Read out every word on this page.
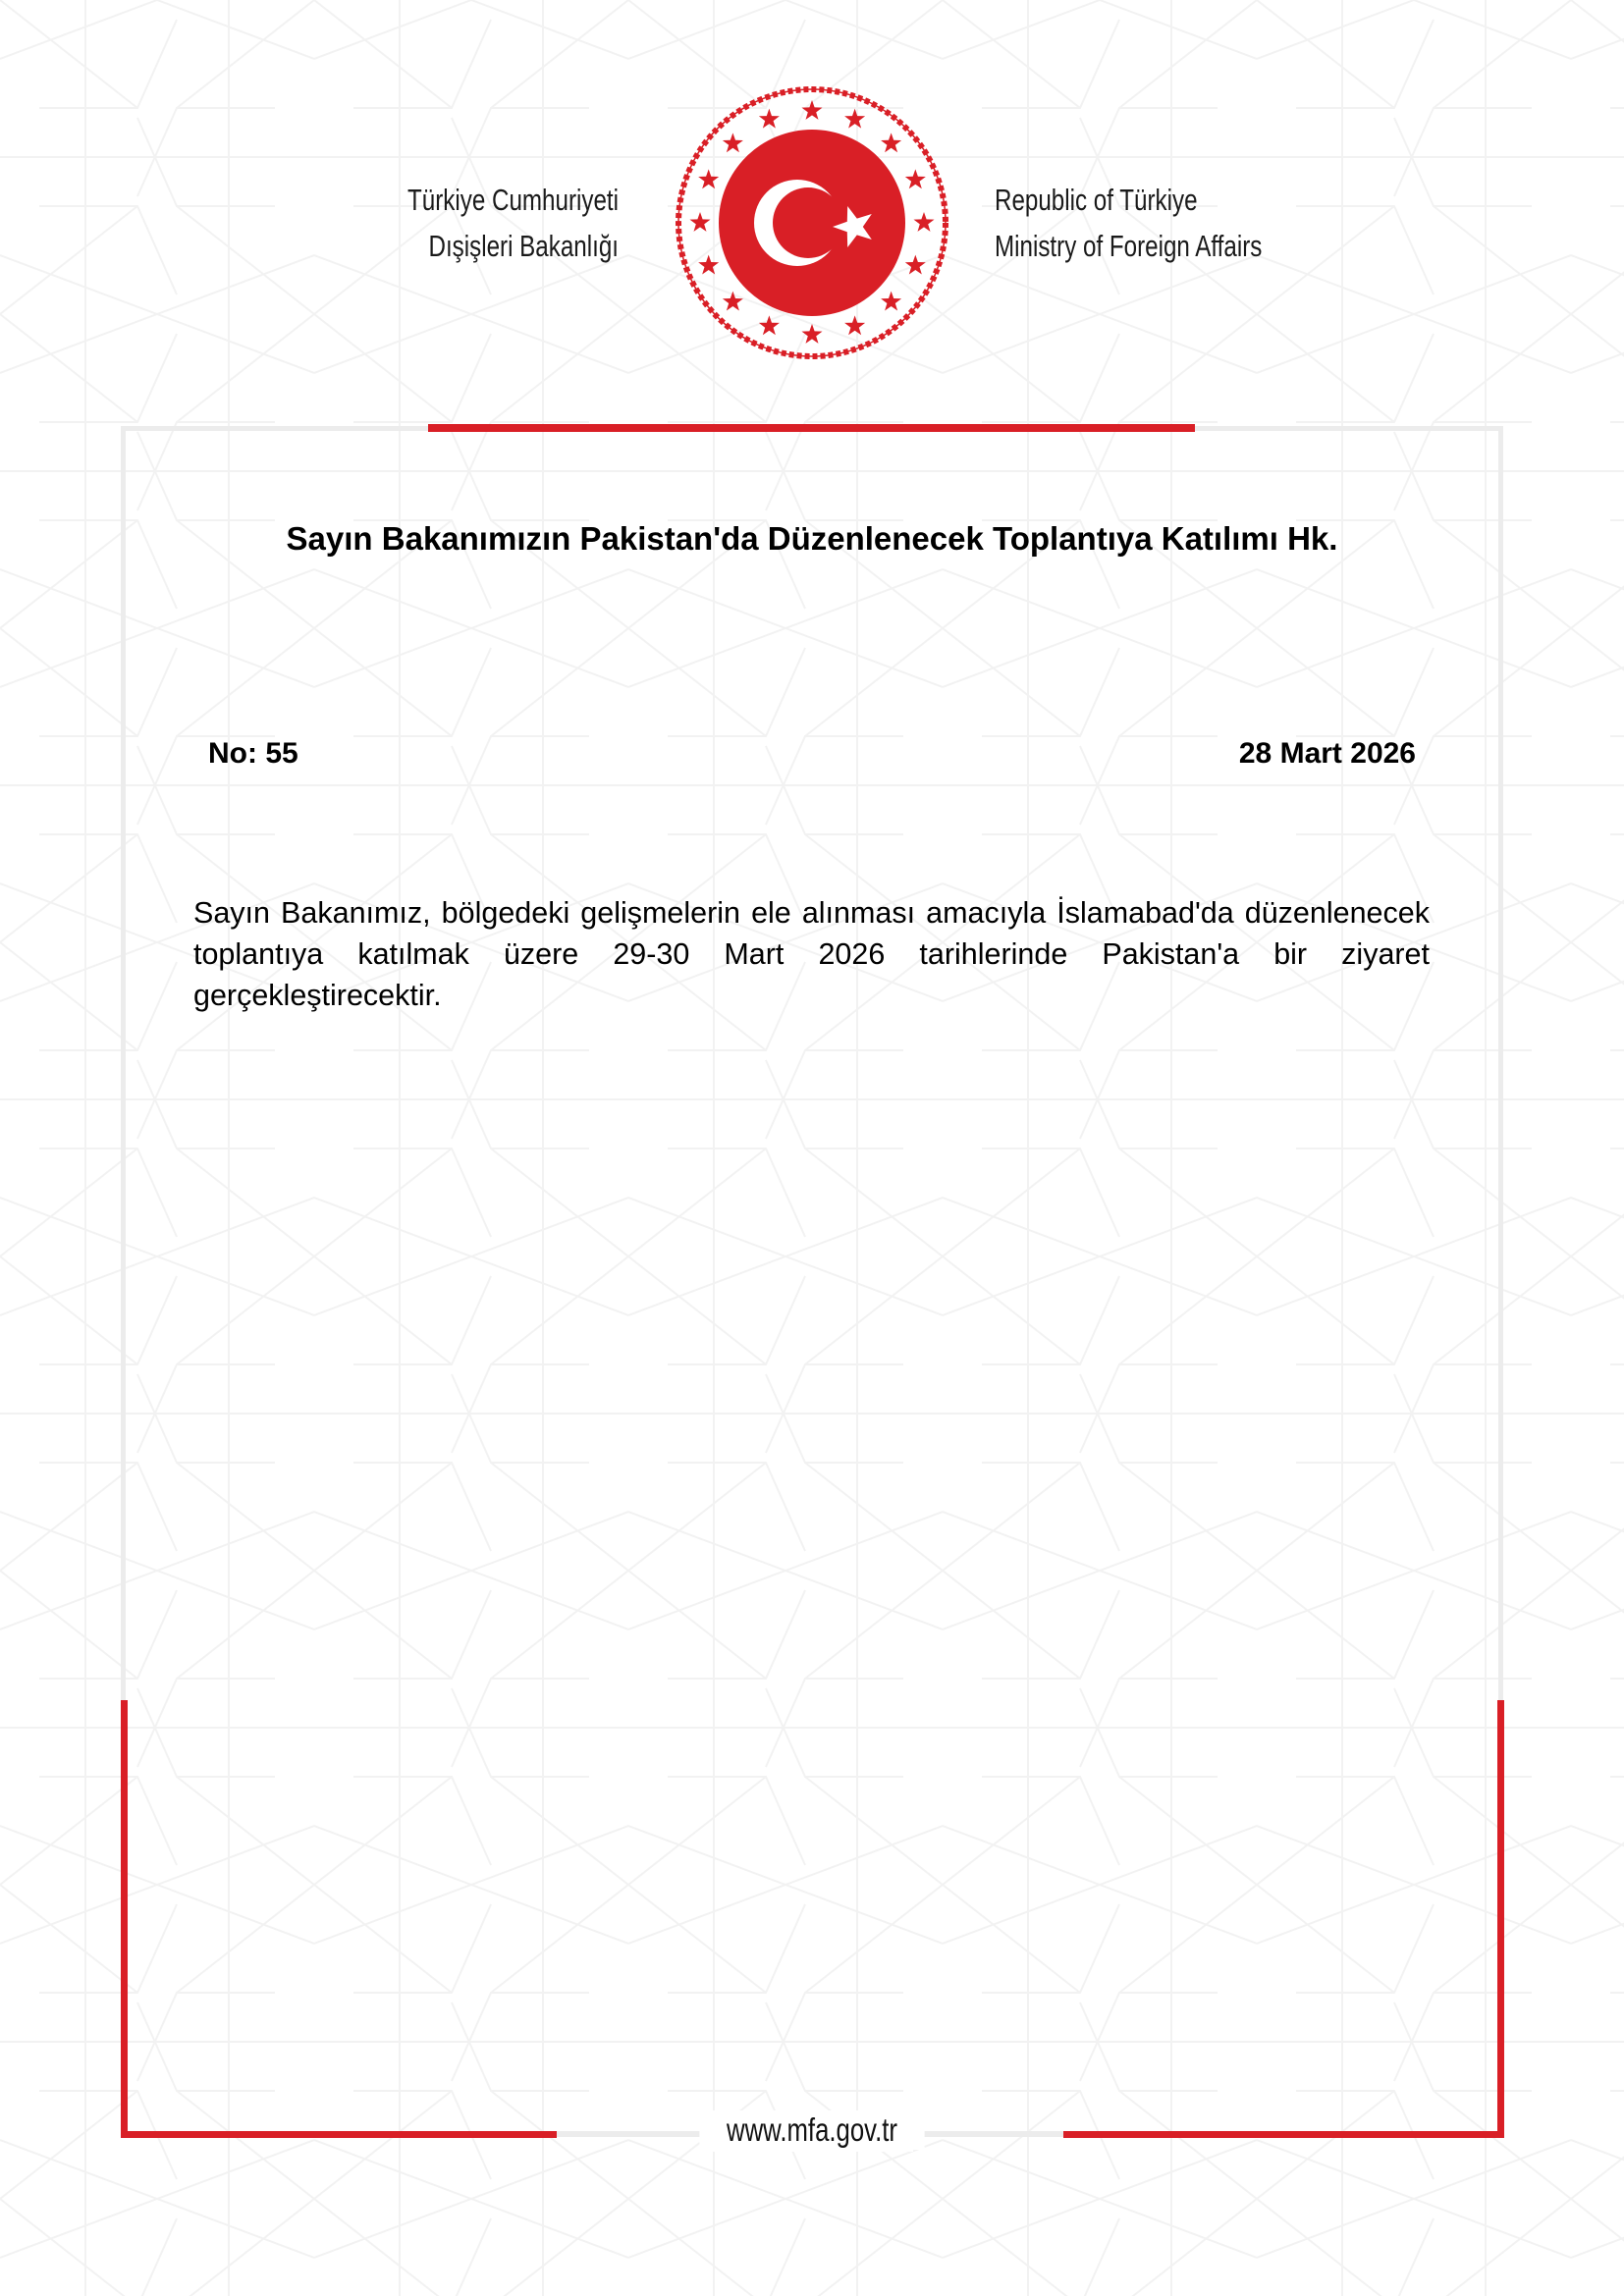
Türkiye Cumhuriyeti
Dışişleri Bakanlığı
Republic of Türkiye
Ministry of Foreign Affairs
Sayın Bakanımızın Pakistan'da Düzenlenecek Toplantıya Katılımı Hk.
No: 55	28 Mart 2026
Sayın Bakanımız, bölgedeki gelişmelerin ele alınması amacıyla İslamabad'da düzenlenecek toplantıya katılmak üzere 29-30 Mart 2026 tarihlerinde Pakistan'a bir ziyaret gerçekleştirecektir.
www.mfa.gov.tr
